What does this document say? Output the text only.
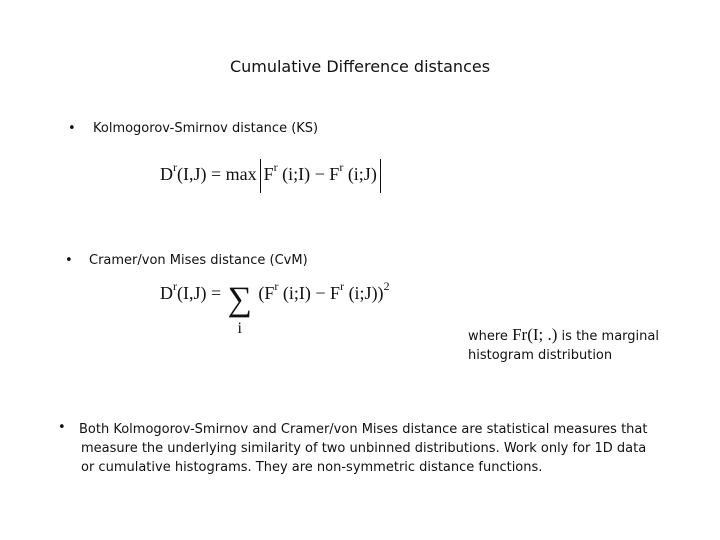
Cumulative Difference distances
• Kolmogorov-Smirnov distance (KS)
$D^r(I,J) = \max F^r$ (i;I) − $F^r$ (i;J)
• Cramer/von Mises distance (CvM)
$D^r(I,J)$ = ∑
i ($F^r$ (i;I) − $F^r$ (i;J))$^2$
where Fr(I; .) is the marginal
histogram distribution
• Both Kolmogorov-Smirnov and Cramer/von Mises distance are statistical measures that
measure the underlying similarity of two unbinned distributions. Work only for 1D data
or cumulative histograms. They are non-symmetric distance functions.
